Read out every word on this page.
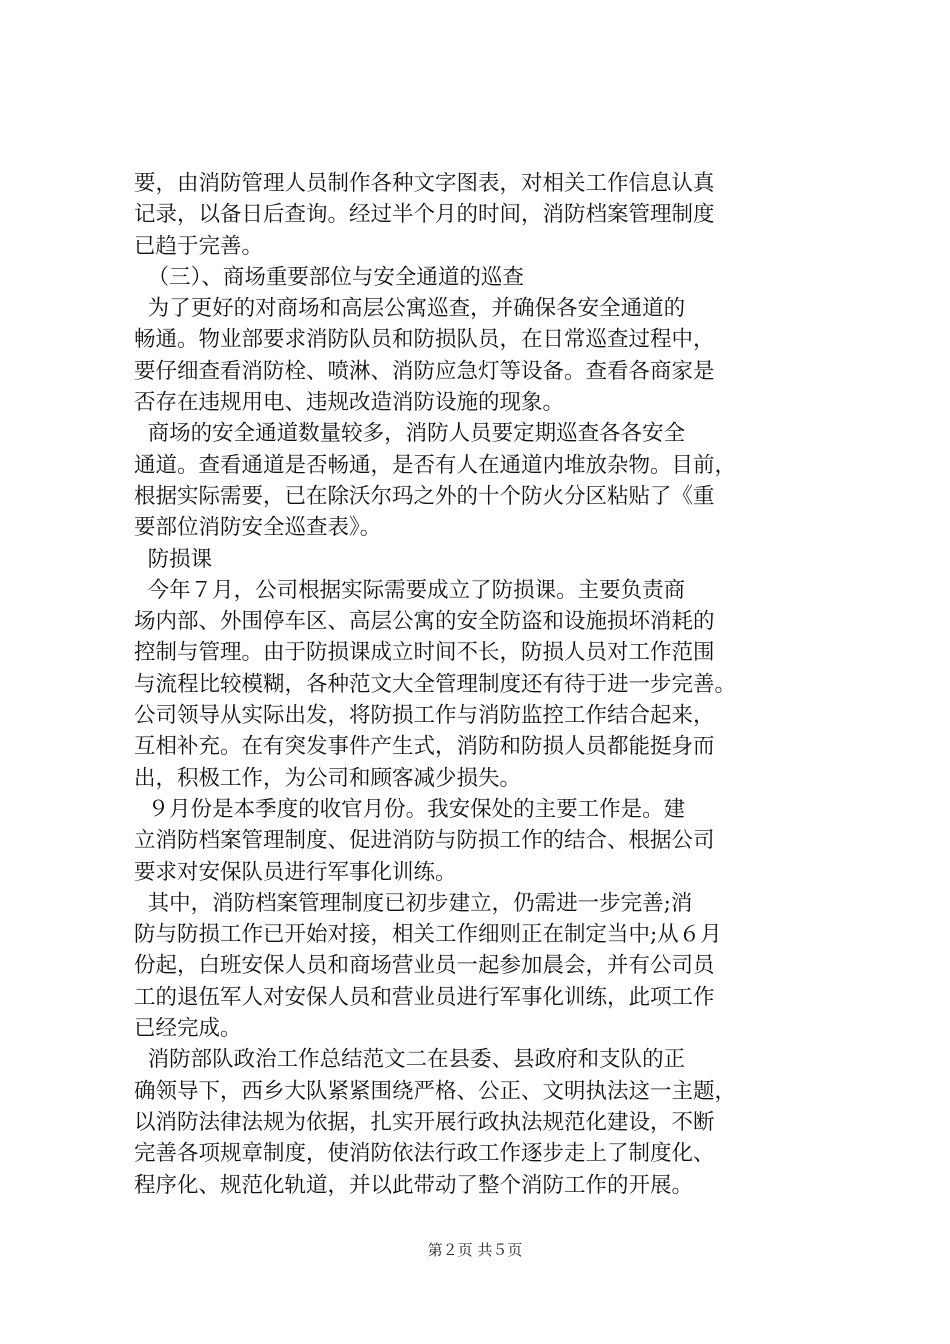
要，由消防管理人员制作各种文字图表，对相关工作信息认真
记录，以备日后查询。经过半个月的时间，消防档案管理制度
已趋于完善。
（三）、商场重要部位与安全通道的巡查
为了更好的对商场和高层公寓巡查，并确保各安全通道的
畅通。物业部要求消防队员和防损队员，在日常巡查过程中，
要仔细查看消防栓、喷淋、消防应急灯等设备。查看各商家是
否存在违规用电、违规改造消防设施的现象。
商场的安全通道数量较多，消防人员要定期巡查各各安全
通道。查看通道是否畅通，是否有人在通道内堆放杂物。目前，
根据实际需要，已在除沃尔玛之外的十个防火分区粘贴了《重
要部位消防安全巡查表》。
防损课
今年７月，公司根据实际需要成立了防损课。主要负责商
场内部、外围停车区、高层公寓的安全防盗和设施损坏消耗的
控制与管理。由于防损课成立时间不长，防损人员对工作范围
与流程比较模糊，各种范文大全管理制度还有待于进一步完善。
公司领导从实际出发，将防损工作与消防监控工作结合起来，
互相补充。在有突发事件产生式，消防和防损人员都能挺身而
出，积极工作，为公司和顾客减少损失。
９月份是本季度的收官月份。我安保处的主要工作是。建
立消防档案管理制度、促进消防与防损工作的结合、根据公司
要求对安保队员进行军事化训练。
其中，消防档案管理制度已初步建立，仍需进一步完善;消
防与防损工作已开始对接，相关工作细则正在制定当中;从６月
份起，白班安保人员和商场营业员一起参加晨会，并有公司员
工的退伍军人对安保人员和营业员进行军事化训练，此项工作
已经完成。
消防部队政治工作总结范文二在县委、县政府和支队的正
确领导下，西乡大队紧紧围绕严格、公正、文明执法这一主题，
以消防法律法规为依据，扎实开展行政执法规范化建设，不断
完善各项规章制度，使消防依法行政工作逐步走上了制度化、
程序化、规范化轨道，并以此带动了整个消防工作的开展。
第２页 共５页
